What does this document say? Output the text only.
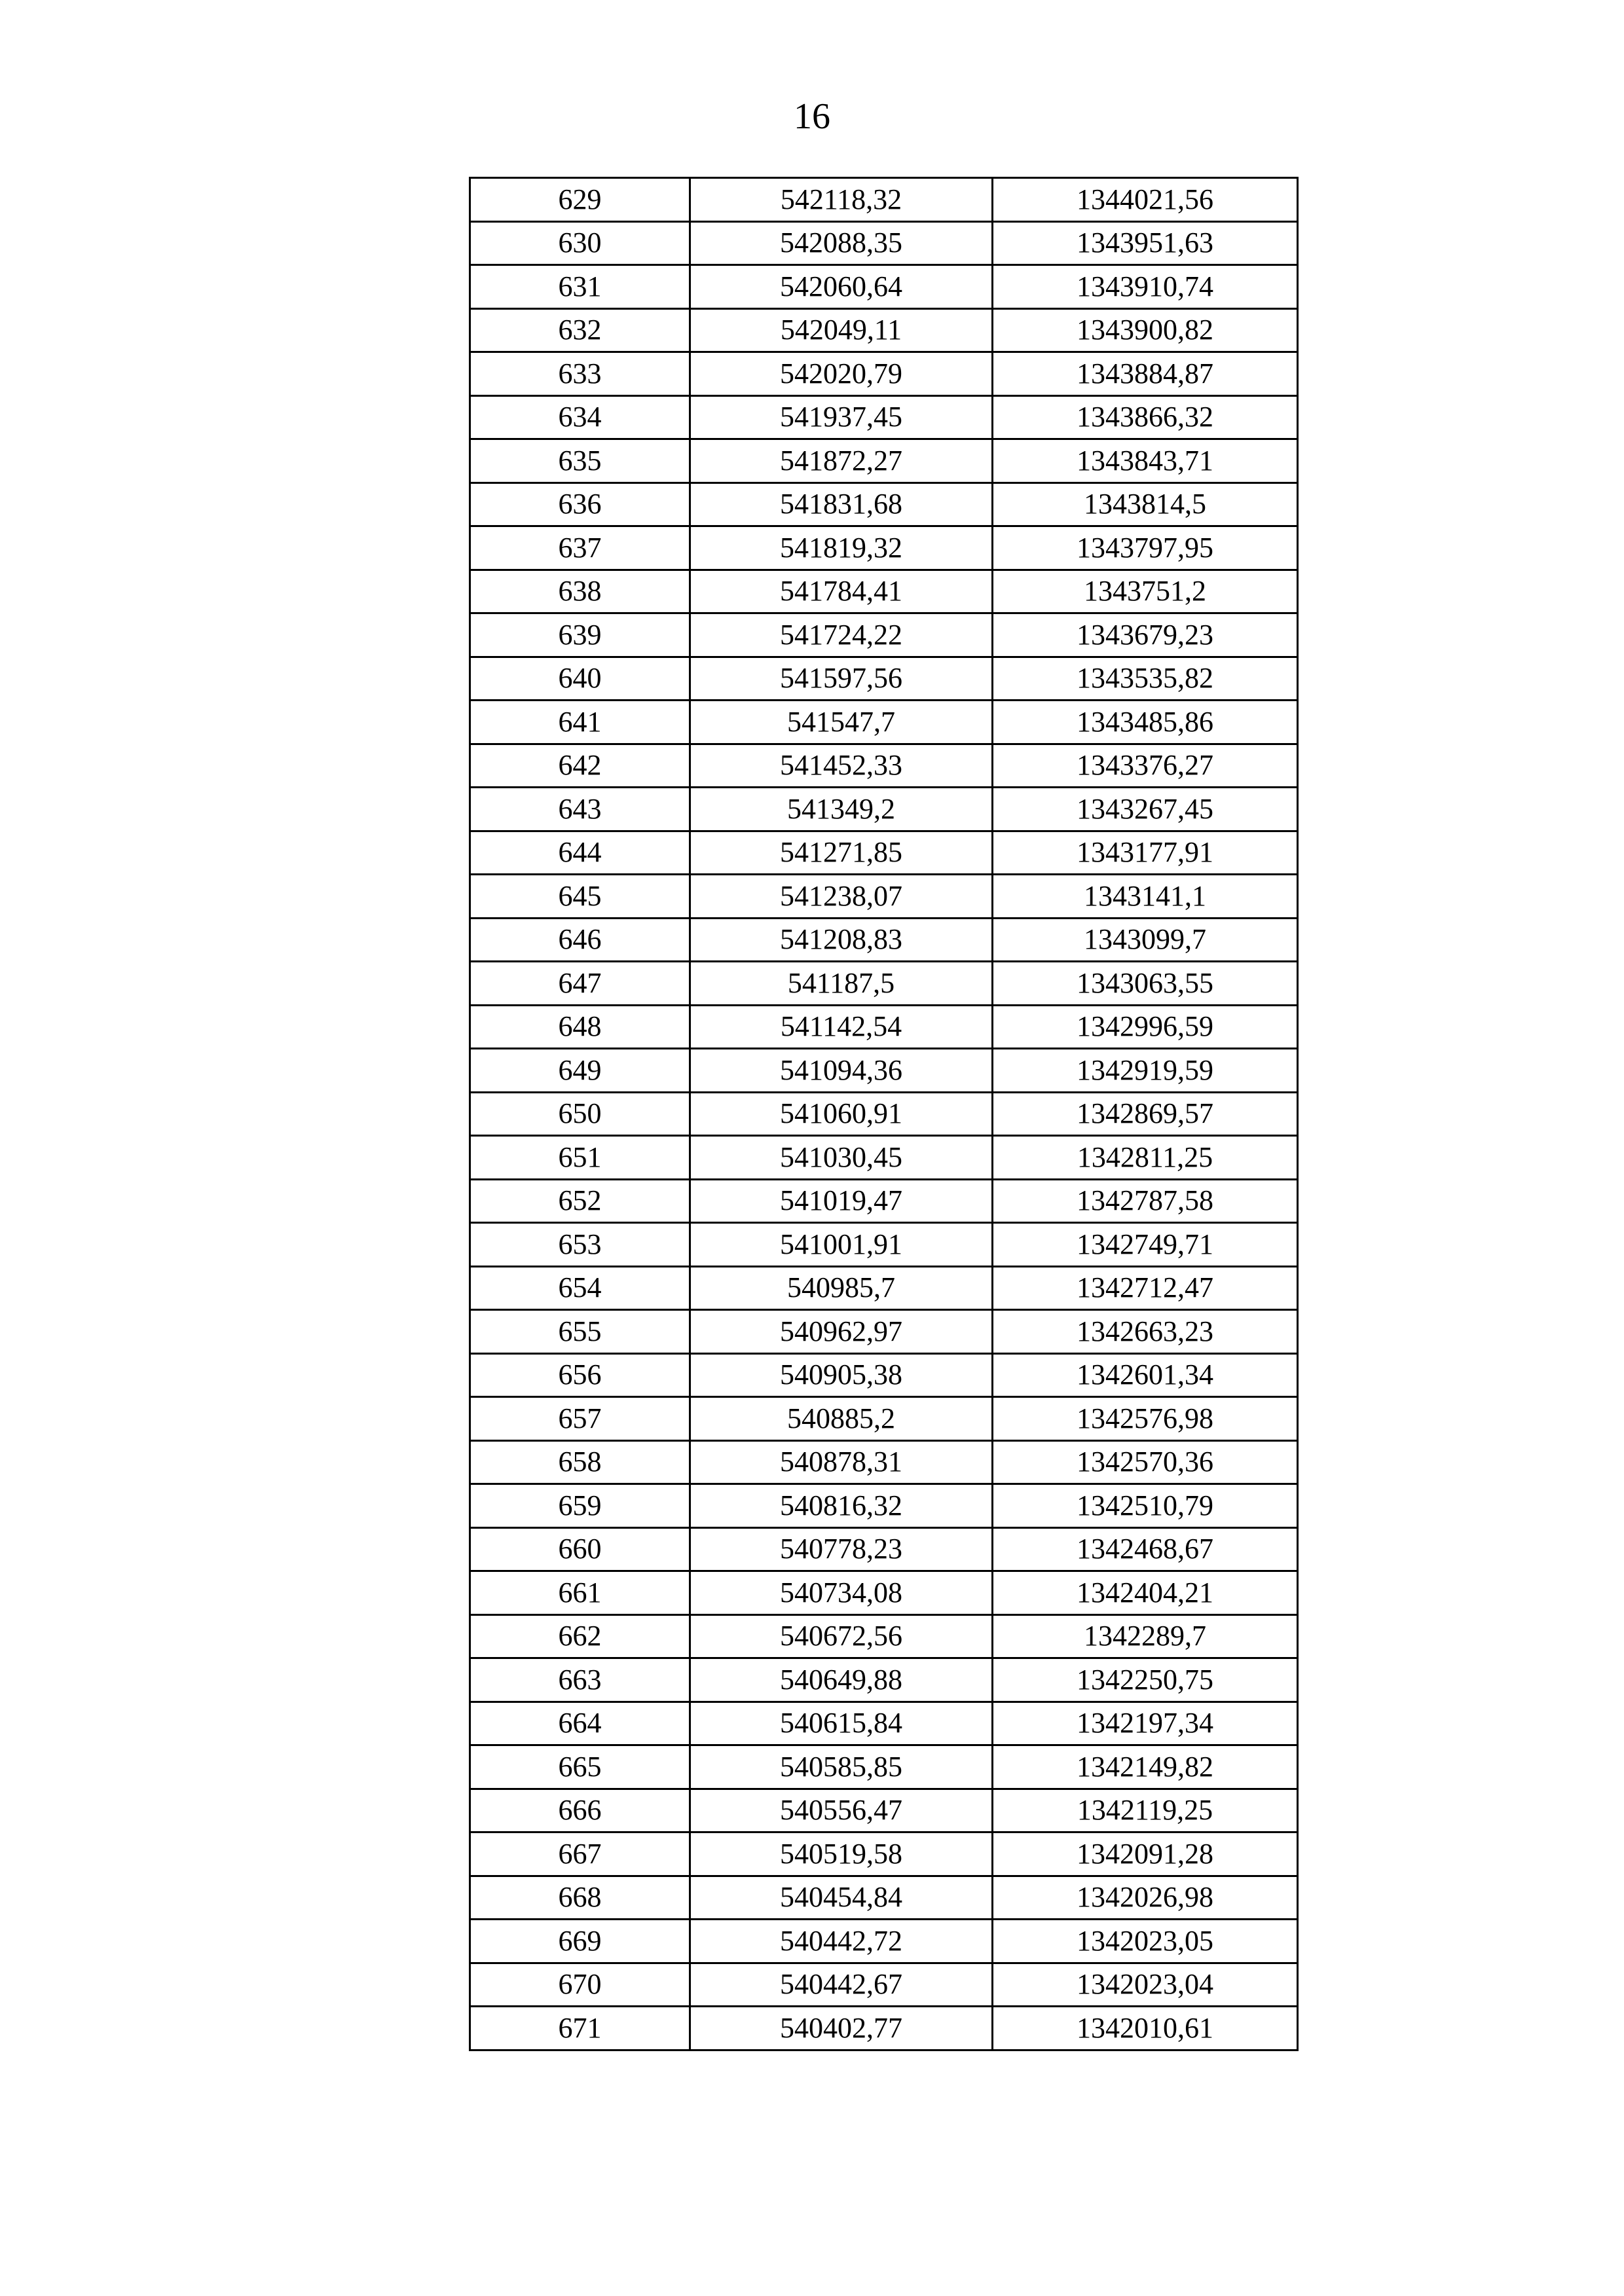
16
629	542118,32	1344021,56
630	542088,35	1343951,63
631	542060,64	1343910,74
632	542049,11	1343900,82
633	542020,79	1343884,87
634	541937,45	1343866,32
635	541872,27	1343843,71
636	541831,68	1343814,5
637	541819,32	1343797,95
638	541784,41	1343751,2
639	541724,22	1343679,23
640	541597,56	1343535,82
641	541547,7	1343485,86
642	541452,33	1343376,27
643	541349,2	1343267,45
644	541271,85	1343177,91
645	541238,07	1343141,1
646	541208,83	1343099,7
647	541187,5	1343063,55
648	541142,54	1342996,59
649	541094,36	1342919,59
650	541060,91	1342869,57
651	541030,45	1342811,25
652	541019,47	1342787,58
653	541001,91	1342749,71
654	540985,7	1342712,47
655	540962,97	1342663,23
656	540905,38	1342601,34
657	540885,2	1342576,98
658	540878,31	1342570,36
659	540816,32	1342510,79
660	540778,23	1342468,67
661	540734,08	1342404,21
662	540672,56	1342289,7
663	540649,88	1342250,75
664	540615,84	1342197,34
665	540585,85	1342149,82
666	540556,47	1342119,25
667	540519,58	1342091,28
668	540454,84	1342026,98
669	540442,72	1342023,05
670	540442,67	1342023,04
671	540402,77	1342010,61
